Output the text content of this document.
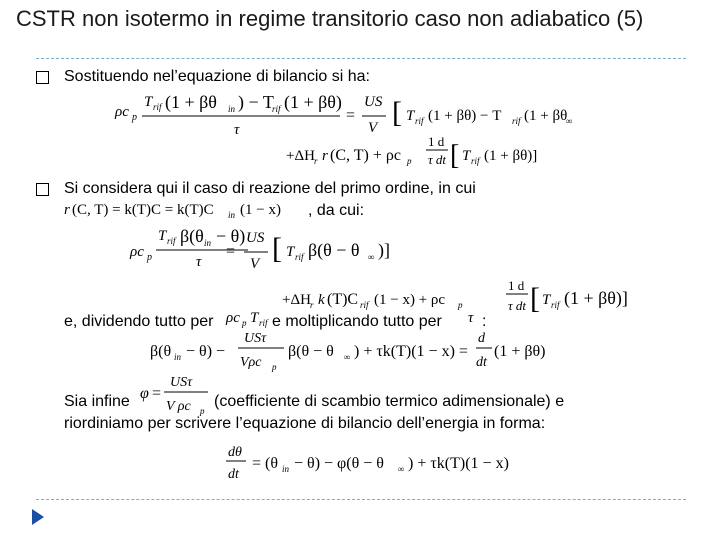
CSTR non isotermo in regime transitorio caso non adiabatico (5)
Sostituendo nel’equazione di bilancio si ha:
ρc p
T rif (1 + βθ in ) − T
rif (1 + βθ)
τ
=
US
V [ T rif (1 + βθ) − T rif (1 + βθ
∞
+ΔH r r (C, T) + ρc p
1 d
τ dt [ T rif (1 + βθ)]
Si considera qui il caso di reazione del primo ordine, in cui
r (C, T) = k(T)C = k(T)C in (1 − x) , da cui:
ρc p
T rif β(θ in − θ)
τ
=
US
V [ T rif β(θ − θ ∞ )]
+ΔH r k (T)C rif (1 − x) + ρc p
1 d
τ dt [ T rif (1 + βθ)]
e, dividendo tutto per ρc p T rif e moltiplicando tutto per τ :
β(θ in − θ) −
USτ
Vρc p
β(θ − θ ∞ ) + τk(T)(1 − x) =
d
dt
(1 + βθ)
Sia infine φ =
USτ
V ρc p
(coefficiente di scambio termico adimensionale) e
riordiniamo per scrivere l’equazione di bilancio dell’energia in forma:
dθ
dt
= (θ in − θ) − φ(θ − θ ∞ ) + τk(T)(1 − x)
